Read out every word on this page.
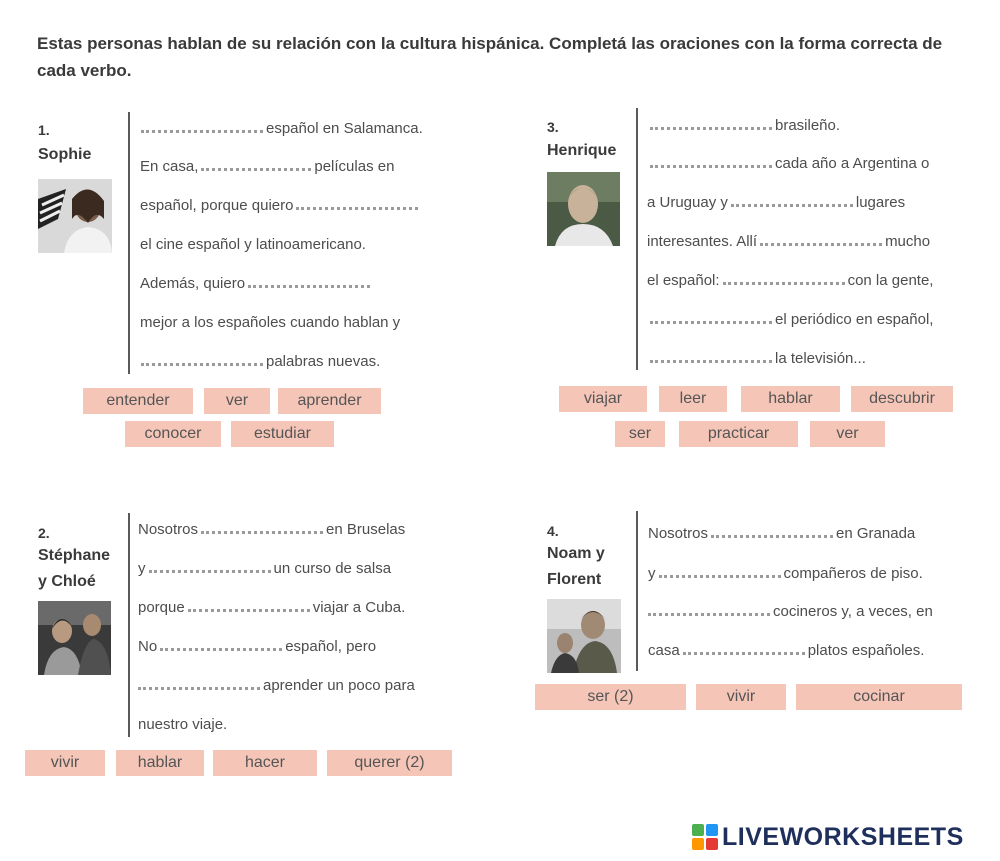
Estas personas hablan de su relación con la cultura hispánica. Completá las oraciones con la forma correcta de cada verbo.
1.
Sophie
español en Salamanca.
En casa,	películas en
español, porque quiero
el cine español y latinoamericano.
Además, quiero
mejor a los españoles cuando hablan y
palabras nuevas.
entender	ver	aprender
conocer	estudiar
3.
Henrique
brasileño.
cada año a Argentina o
a Uruguay y	lugares
interesantes. Allí	mucho
el español:	con la gente,
el periódico en español,
la televisión...
viajar	leer	hablar	descubrir
ser	practicar	ver
2.
Stéphane
y Chloé
Nosotros	en Bruselas
y	un curso de salsa
porque	viajar a Cuba.
No	español, pero
aprender un poco para
nuestro viaje.
vivir	hablar	hacer	querer (2)
4.
Noam y
Florent
Nosotros	en Granada
y	compañeros de piso.
cocineros y, a veces, en
casa	platos españoles.
ser (2)	vivir	cocinar
LIVEWORKSHEETS
